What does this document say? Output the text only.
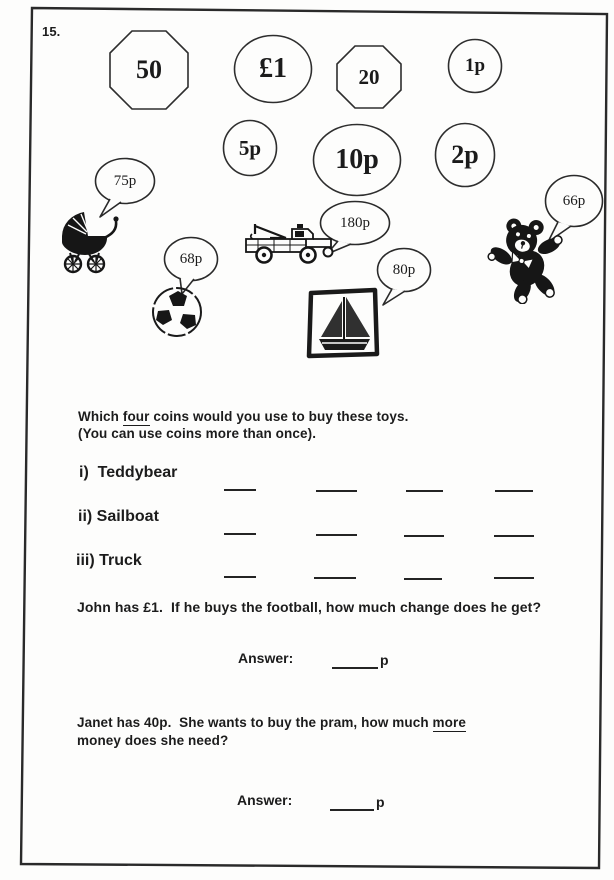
15.
50	£1	20	1p
5p	10p	2p
75p
68p
180p
80p
66p
Which four coins would you use to buy these toys.
(You can use coins more than once).
i)  Teddybear
ii) Sailboat
iii) Truck
John has £1.  If he buys the football, how much change does he get?
Answer:	p
Janet has 40p.  She wants to buy the pram, how much more
money does she need?
Answer:	p
